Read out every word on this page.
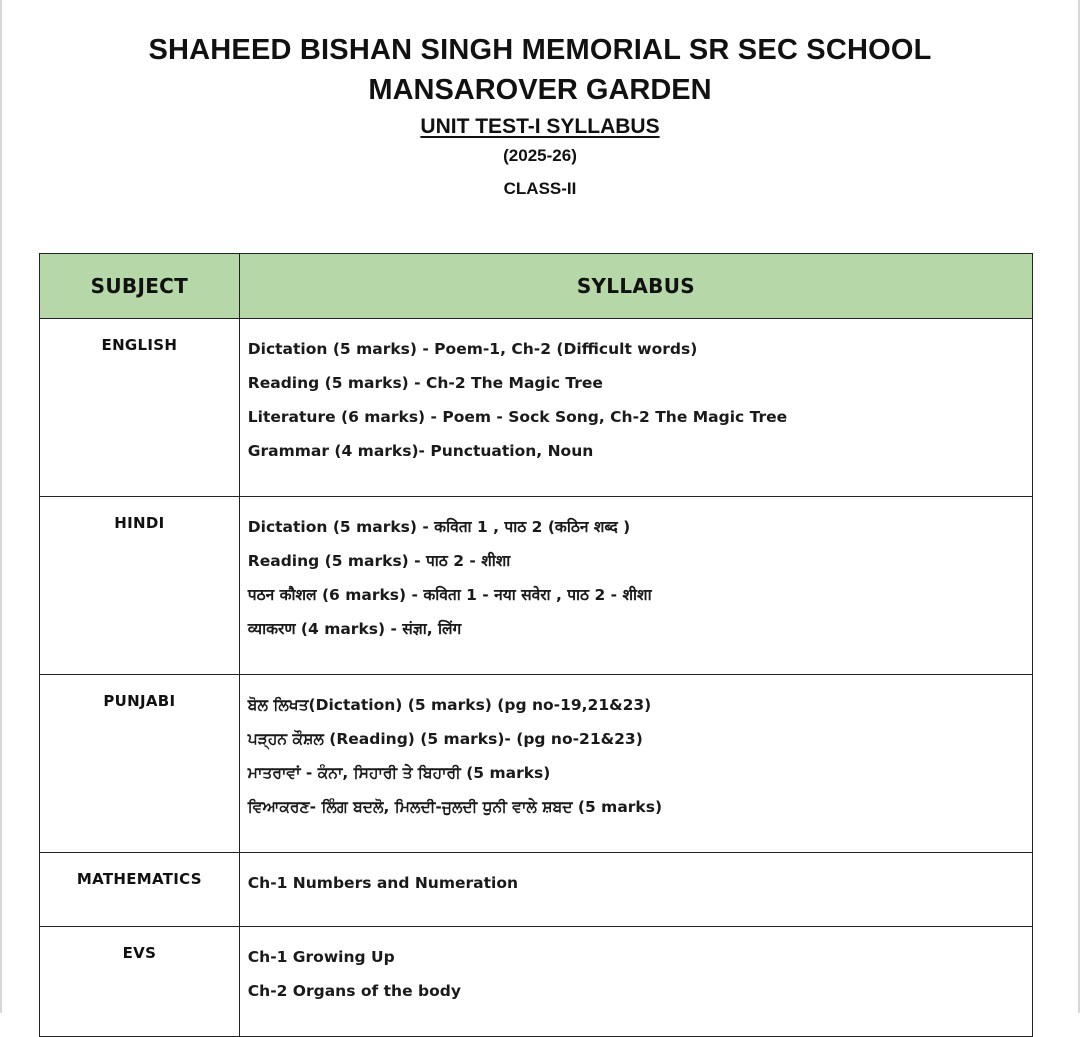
SHAHEED BISHAN SINGH MEMORIAL SR SEC SCHOOL

MANSAROVER GARDEN

UNIT TEST-I SYLLABUS

(2025-26)

CLASS-II

SUBJECT	SYLLABUS
ENGLISH	Dictation (5 marks) - Poem-1, Ch-2 (Difficult words)
Reading (5 marks) - Ch-2 The Magic Tree
Literature (6 marks) - Poem - Sock Song, Ch-2 The Magic Tree
Grammar (4 marks)- Punctuation, Noun

HINDI	Dictation (5 marks) - कविता 1 , पाठ 2 (कठिन शब्द )
Reading (5 marks) - पाठ 2 - शीशा
पठन कौशल (6 marks) - कविता 1 - नया सवेरा , पाठ 2 - शीशा
व्याकरण (4 marks) - संज्ञा, लिंग

PUNJABI	ਬੋਲ ਲਿਖਤ(Dictation) (5 marks) (pg no-19,21&23)
ਪੜ੍ਹਨ ਕੌਸ਼ਲ (Reading) (5 marks)- (pg no-21&23)
ਮਾਤਰਾਵਾਂ - ਕੰਨਾ, ਸਿਹਾਰੀ ਤੇ ਬਿਹਾਰੀ (5 marks)
ਵਿਆਕਰਣ- ਲਿੰਗ ਬਦਲੋ, ਮਿਲਦੀ-ਜੁਲਦੀ ਧੁਨੀ ਵਾਲੇ ਸ਼ਬਦ (5 marks)

MATHEMATICS	Ch-1 Numbers and Numeration

EVS	Ch-1 Growing Up
Ch-2 Organs of the body
